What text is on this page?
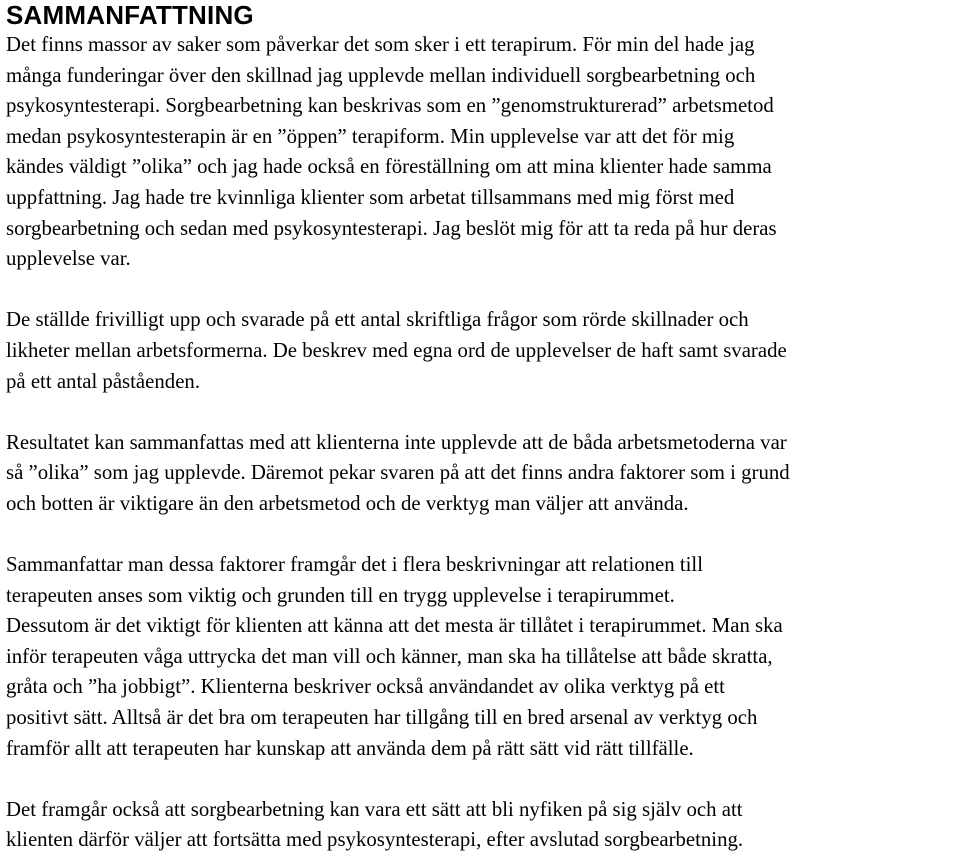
SAMMANFATTNING

Det finns massor av saker som påverkar det som sker i ett terapirum. För min del hade jag
många funderingar över den skillnad jag upplevde mellan individuell sorgbearbetning och
psykosyntesterapi. Sorgbearbetning kan beskrivas som en ”genomstrukturerad” arbetsmetod
medan psykosyntesterapin är en ”öppen” terapiform. Min upplevelse var att det för mig
kändes väldigt ”olika” och jag hade också en föreställning om att mina klienter hade samma
uppfattning. Jag hade tre kvinnliga klienter som arbetat tillsammans med mig först med
sorgbearbetning och sedan med psykosyntesterapi. Jag beslöt mig för att ta reda på hur deras
upplevelse var.

De ställde frivilligt upp och svarade på ett antal skriftliga frågor som rörde skillnader och
likheter mellan arbetsformerna. De beskrev med egna ord de upplevelser de haft samt svarade
på ett antal påståenden.

Resultatet kan sammanfattas med att klienterna inte upplevde att de båda arbetsmetoderna var
så ”olika” som jag upplevde. Däremot pekar svaren på att det finns andra faktorer som i grund
och botten är viktigare än den arbetsmetod och de verktyg man väljer att använda.

Sammanfattar man dessa faktorer framgår det i flera beskrivningar att relationen till
terapeuten anses som viktig och grunden till en trygg upplevelse i terapirummet.
Dessutom är det viktigt för klienten att känna att det mesta är tillåtet i terapirummet. Man ska
inför terapeuten våga uttrycka det man vill och känner, man ska ha tillåtelse att både skratta,
gråta och ”ha jobbigt”. Klienterna beskriver också användandet av olika verktyg på ett
positivt sätt. Alltså är det bra om terapeuten har tillgång till en bred arsenal av verktyg och
framför allt att terapeuten har kunskap att använda dem på rätt sätt vid rätt tillfälle.

Det framgår också att sorgbearbetning kan vara ett sätt att bli nyfiken på sig själv och att
klienten därför väljer att fortsätta med psykosyntesterapi, efter avslutad sorgbearbetning.
